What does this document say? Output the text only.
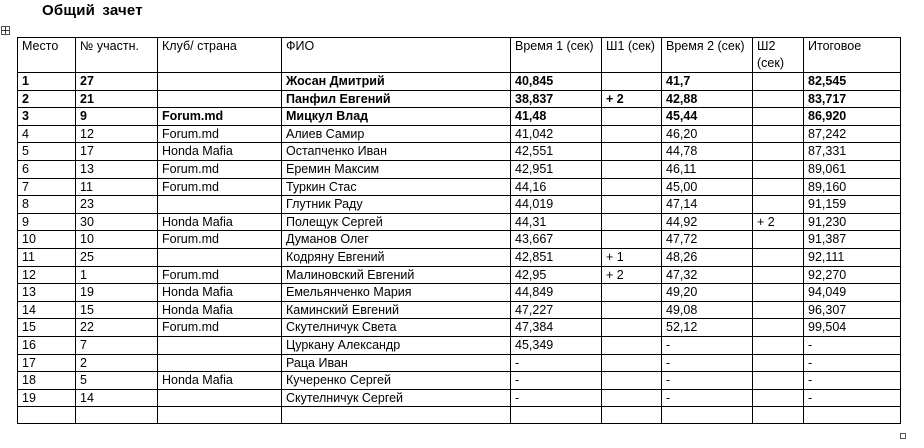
Общий зачет
Место	№ участн.	Клуб/ страна	ФИО	Время 1 (сек)	Ш1 (сек)	Время 2 (сек)	Ш2 (сек)	Итоговое
1	27		Жосан Дмитрий	40,845		41,7		82,545
2	21		Панфил Евгений	38,837	+ 2	42,88		83,717
3	9	Forum.md	Мицкул Влад	41,48		45,44		86,920
4	12	Forum.md	Алиев Самир	41,042		46,20		87,242
5	17	Honda Mafia	Остапченко Иван	42,551		44,78		87,331
6	13	Forum.md	Еремин Максим	42,951		46,11		89,061
7	11	Forum.md	Туркин Стас	44,16		45,00		89,160
8	23		Глутник Раду	44,019		47,14		91,159
9	30	Honda Mafia	Полещук Сергей	44,31		44,92	+ 2	91,230
10	10	Forum.md	Думанов Олег	43,667		47,72		91,387
11	25		Кодряну Евгений	42,851	+ 1	48,26		92,111
12	1	Forum.md	Малиновский Евгений	42,95	+ 2	47,32		92,270
13	19	Honda Mafia	Емельянченко Мария	44,849		49,20		94,049
14	15	Honda Mafia	Каминский Евгений	47,227		49,08		96,307
15	22	Forum.md	Скутелничук Света	47,384		52,12		99,504
16	7		Цуркану Александр	45,349		-		-
17	2		Раца Иван	-		-		-
18	5	Honda Mafia	Кучеренко Сергей	-		-		-
19	14		Скутелничук Сергей	-		-		-
